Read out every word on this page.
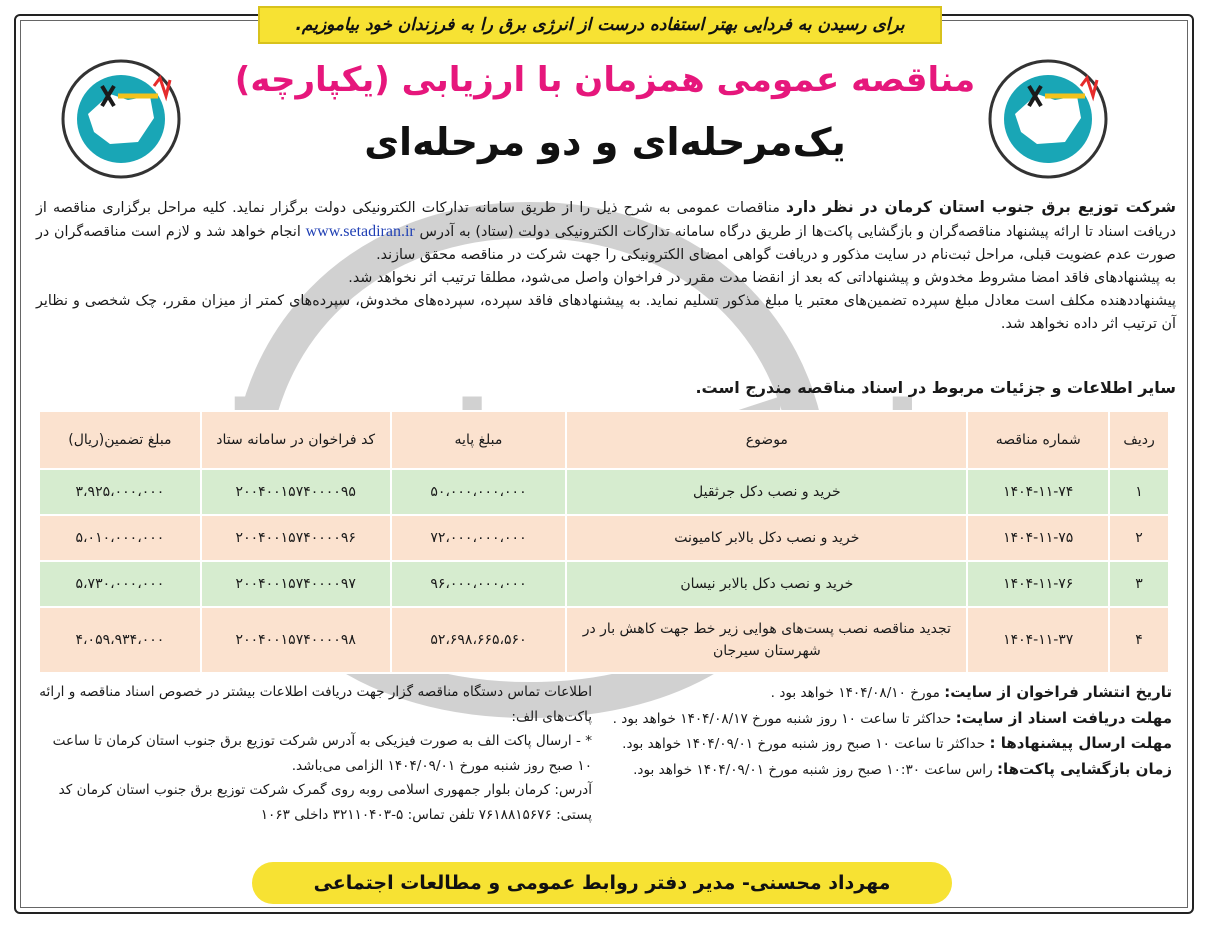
برای رسیدن به فردایی بهتر استفاده درست از انرژی برق را به فرزندان خود بیاموزیم.
مناقصه عمومی همزمان با ارزیابی (یکپارچه)
یک‌مرحله‌ای و دو مرحله‌ای

شرکت توزیع برق جنوب استان کرمان در نظر دارد مناقصات عمومی به شرح ذیل را از طریق سامانه تدارکات الکترونیکی دولت برگزار نماید. کلیه مراحل برگزاری مناقصه از دریافت اسناد تا ارائه پیشنهاد مناقصه‌گران و بازگشایی پاکت‌ها از طریق درگاه سامانه تدارکات الکترونیکی دولت (ستاد) به آدرس www.setadiran.ir انجام خواهد شد و لازم است مناقصه‌گران در صورت عدم عضویت قبلی، مراحل ثبت‌نام در سایت مذکور و دریافت گواهی امضای الکترونیکی را جهت شرکت در مناقصه محقق سازند.

به پیشنهادهای فاقد امضا مشروط مخدوش و پیشنهاداتی که بعد از انقضا مدت مقرر در فراخوان واصل می‌شود، مطلقا ترتیب اثر نخواهد شد.

پیشنهاددهنده مکلف است معادل مبلغ سپرده تضمین‌های معتبر یا مبلغ مذکور تسلیم نماید. به پیشنهادهای فاقد سپرده، سپرده‌های مخدوش، سپرده‌های کمتر از میزان مقرر، چک شخصی و نظایر آن ترتیب اثر داده نخواهد شد.

سایر اطلاعات و جزئیات مربوط در اسناد مناقصه مندرج است.
ردیف	شماره مناقصه	موضوع	مبلغ پایه	کد فراخوان در سامانه ستاد	مبلغ تضمین(ریال)
۱	۱۴۰۴-۱۱-۷۴	خرید و نصب دکل جرثقیل	۵۰،۰۰۰،۰۰۰،۰۰۰	۲۰۰۴۰۰۱۵۷۴۰۰۰۰۹۵	۳،۹۲۵،۰۰۰،۰۰۰
۲	۱۴۰۴-۱۱-۷۵	خرید و نصب دکل بالابر کامیونت	۷۲،۰۰۰،۰۰۰،۰۰۰	۲۰۰۴۰۰۱۵۷۴۰۰۰۰۹۶	۵،۰۱۰،۰۰۰،۰۰۰
۳	۱۴۰۴-۱۱-۷۶	خرید و نصب دکل بالابر نیسان	۹۶،۰۰۰،۰۰۰،۰۰۰	۲۰۰۴۰۰۱۵۷۴۰۰۰۰۹۷	۵،۷۳۰،۰۰۰،۰۰۰
۴	۱۴۰۴-۱۱-۳۷	تجدید مناقصه نصب پست‌های هوایی زیر خط جهت کاهش بار در شهرستان سیرجان	۵۲،۶۹۸،۶۶۵،۵۶۰	۲۰۰۴۰۰۱۵۷۴۰۰۰۰۹۸	۴،۰۵۹،۹۳۴،۰۰۰

تاریخ انتشار فراخوان از سایت: مورخ ۱۴۰۴/۰۸/۱۰ خواهد بود .

مهلت دریافت اسناد از سایت: حداکثر تا ساعت ۱۰ روز شنبه مورخ ۱۴۰۴/۰۸/۱۷ خواهد بود .

مهلت ارسال پیشنهادها : حداکثر تا ساعت ۱۰ صبح روز شنبه مورخ ۱۴۰۴/۰۹/۰۱ خواهد بود.

زمان بازگشایی پاکت‌ها: راس ساعت ۱۰:۳۰ صبح روز شنبه مورخ ۱۴۰۴/۰۹/۰۱ خواهد بود.

اطلاعات تماس دستگاه مناقصه گزار جهت دریافت اطلاعات بیشتر در خصوص اسناد مناقصه و ارائه پاکت‌های الف:

* - ارسال پاکت الف به صورت فیزیکی به آدرس شرکت توزیع برق جنوب استان کرمان تا ساعت ۱۰ صبح روز شنبه مورخ ۱۴۰۴/۰۹/۰۱ الزامی می‌باشد.

آدرس: کرمان بلوار جمهوری اسلامی روبه روی گمرک شرکت توزیع برق جنوب استان کرمان کد پستی: ۷۶۱۸۸۱۵۶۷۶ تلفن تماس: ۵-۳۲۱۱۰۴۰۳ داخلی ۱۰۶۳

مهرداد محسنی- مدیر دفتر روابط عمومی و مطالعات اجتماعی
